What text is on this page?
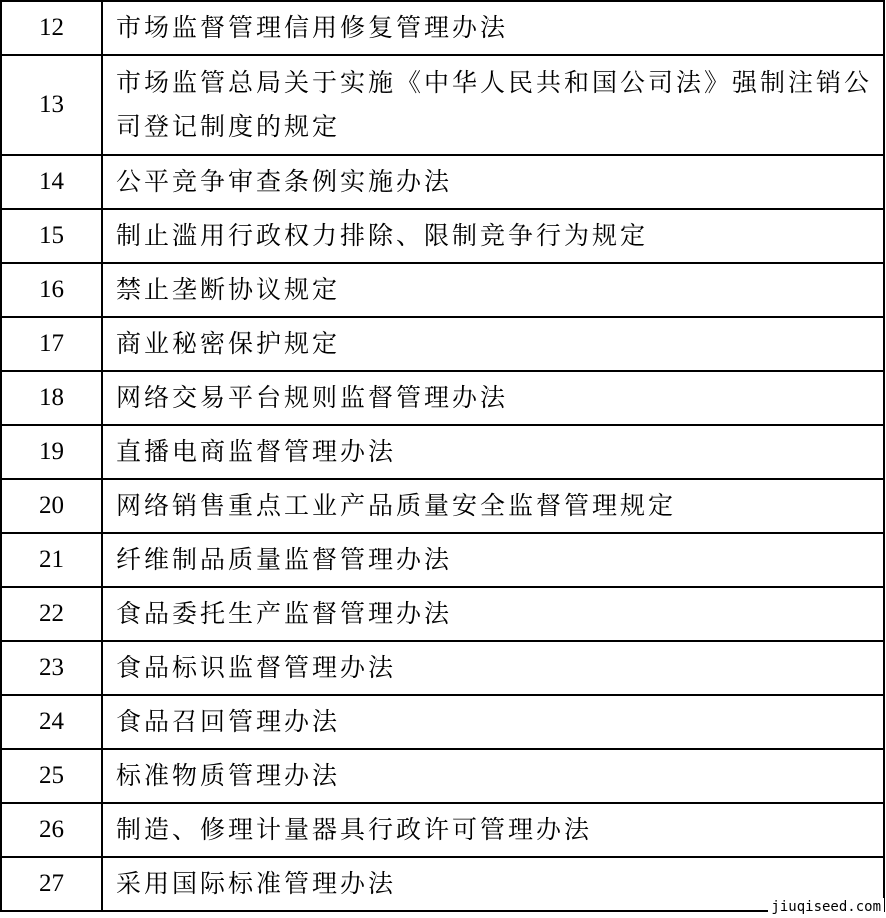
12	市场监督管理信用修复管理办法
13	市场监管总局关于实施《中华人民共和国公司法》强制注销公司登记制度的规定
14	公平竞争审查条例实施办法
15	制止滥用行政权力排除、限制竞争行为规定
16	禁止垄断协议规定
17	商业秘密保护规定
18	网络交易平台规则监督管理办法
19	直播电商监督管理办法
20	网络销售重点工业产品质量安全监督管理规定
21	纤维制品质量监督管理办法
22	食品委托生产监督管理办法
23	食品标识监督管理办法
24	食品召回管理办法
25	标准物质管理办法
26	制造、修理计量器具行政许可管理办法
27	采用国际标准管理办法
jiuqiseed.com
